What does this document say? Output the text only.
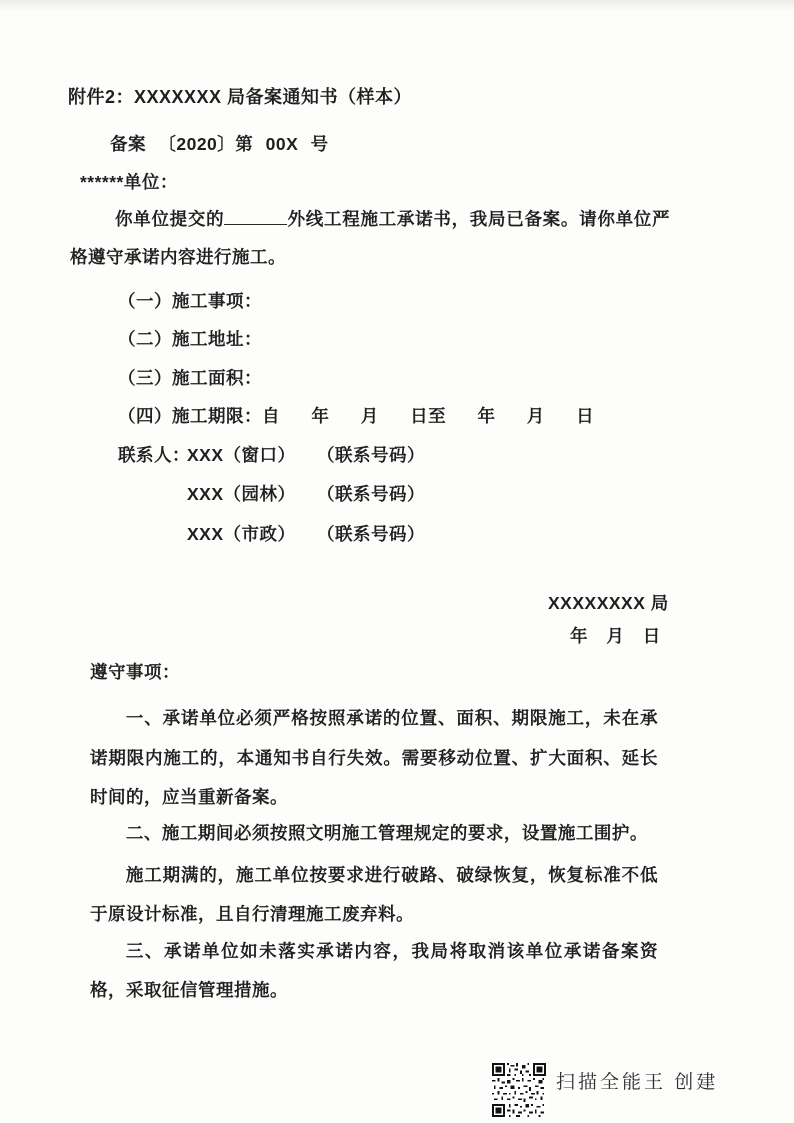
附件2：XXXXXXX 局备案通知书（样本）
备案 〔2020〕第 00X 号
******单位：
你单位提交的	外线工程施工承诺书，我局已备案。请你单位严格遵守承诺内容进行施工。
（一）施工事项：
（二）施工地址：
（三）施工面积：
（四）施工期限：自 年 月 日至 年 月 日
联系人：XXX（窗口） （联系号码）
XXX（园林） （联系号码）
XXX（市政） （联系号码）
XXXXXXXX 局
年 月 日
遵守事项：

一、承诺单位必须严格按照承诺的位置、面积、期限施工，未在承诺期限内施工的，本通知书自行失效。需要移动位置、扩大面积、延长时间的，应当重新备案。

二、施工期间必须按照文明施工管理规定的要求，设置施工围护。

施工期满的，施工单位按要求进行破路、破绿恢复，恢复标准不低于原设计标准，且自行清理施工废弃料。

三、承诺单位如未落实承诺内容，我局将取消该单位承诺备案资格，采取征信管理措施。

扫描全能王 创建
